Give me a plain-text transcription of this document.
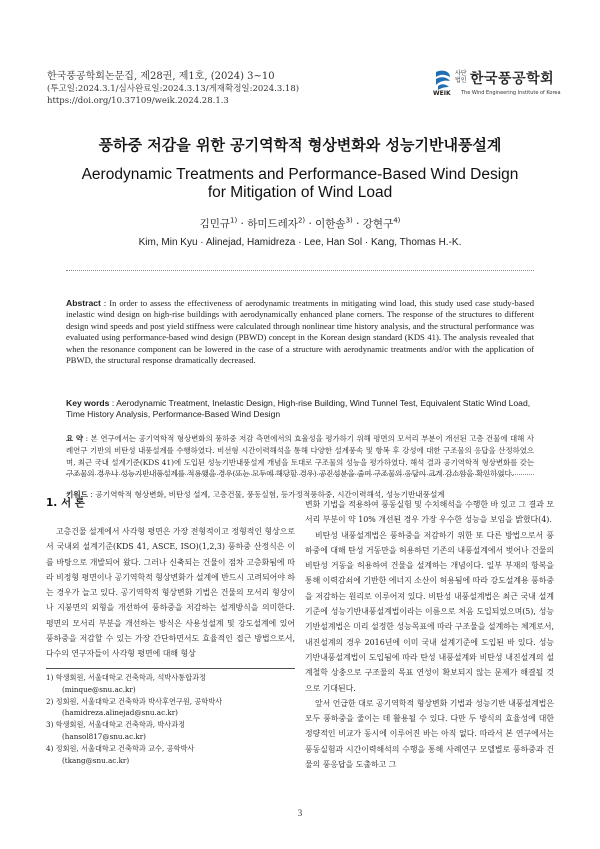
한국풍공학회논문집, 제28권, 제1호, (2024) 3~10
(투고일:2024.3.1/심사완료일:2024.3.13/게재확정일:2024.3.18)
https://doi.org/10.37109/weik.2024.28.1.3
사단
법인 한국풍공학회
WEIK The Wind Engineering Institute of Korea
풍하중 저감을 위한 공기역학적 형상변화와 성능기반내풍설계
Aerodynamic Treatments and Performance-Based Wind Design
for Mitigation of Wind Load
김민규$^{1)}$ · 하미드레자$^{2)}$ · 이한솔$^{3)}$ · 강현구$^{4)}$
Kim, Min Kyu · Alinejad, Hamidreza · Lee, Han Sol · Kang, Thomas H.-K.
Abstract : In order to assess the effectiveness of aerodynamic treatments in mitigating wind load, this study used case study-based inelastic wind design on high-rise buildings with aerodynamically enhanced plane corners. The response of the structures to different design wind speeds and post yield stiffness were calculated through nonlinear time history analysis, and the structural performance was evaluated using performance-based wind design (PBWD) concept in the Korean design standard (KDS 41). The analysis revealed that when the resonance component can be lowered in the case of a structure with aerodynamic treatments and/or with the application of PBWD, the structural response dramatically decreased.
Key words : Aerodynamic Treatment, Inelastic Design, High-rise Building, Wind Tunnel Test, Equivalent Static Wind Load, Time History Analysis, Performance-Based Wind Design
요 약 : 본 연구에서는 공기역학적 형상변화의 풍하중 저감 측면에서의 효율성을 평가하기 위해 평면의 모서리 부분이 개선된 고층 건물에 대해 사례연구 기반의 비탄성 내풍설계를 수행하였다. 비선형 시간이력해석을 통해 다양한 설계풍속 및 항복 후 강성에 대한 구조물의 응답을 산정하였으며, 최근 국내 설계기준(KDS 41)에 도입된 성능기반내풍설계 개념을 토대로 구조물의 성능을 평가하였다. 해석 결과 공기역학적 형상변화를 갖는 구조물의 경우나 성능기반내풍설계를 적용했을 경우(또는 모두에 해당할 경우) 공진성분을 줄여 구조물의 응답이 크게 감소함을 확인하였다.
키워드 : 공기역학적 형상변화, 비탄성 설계, 고층건물, 풍동실험, 등가정적풍하중, 시간이력해석, 성능기반내풍설계
1. 서 론

고층건물 설계에서 사각형 평면은 가장 전형적이고 정형적인 형상으로서 국내외 설계기준(KDS 41, ASCE, ISO)(1,2,3) 풍하중 산정식은 이를 바탕으로 개발되어 왔다. 그러나 신축되는 건물이 점차 고층화됨에 따라 비정형 평면이나 공기역학적 형상변화가 설계에 반드시 고려되어야 하는 경우가 늘고 있다. 공기역학적 형상변화 기법은 건물의 모서리 형상이나 지붕면의 외형을 개선하여 풍하중을 저감하는 설계방식을 의미한다. 평면의 모서리 부분을 개선하는 방식은 사용성설계 및 강도설계에 있어 풍하중을 저감할 수 있는 가장 간단하면서도 효율적인 접근 방법으로서, 다수의 연구자들이 사각형 평면에 대해 형상

1) 학생회원, 서울대학교 건축학과, 석박사통합과정
(minque@snu.ac.kr)
2) 정회원, 서울대학교 건축학과 박사후연구원, 공학박사
(hamidreza.alinejad@snu.ac.kr)
3) 학생회원, 서울대학교 건축학과, 박사과정
(hansol817@snu.ac.kr)
4) 정회원, 서울대학교 건축학과 교수, 공학박사
(tkang@snu.ac.kr)

변화 기법을 적용하여 풍동실험 및 수치해석을 수행한 바 있고 그 결과 모서리 부분이 약 10% 개선된 경우 가장 우수한 성능을 보임을 밝혔다(4).

비탄성 내풍설계법은 풍하중을 저감하기 위한 또 다른 방법으로서 풍하중에 대해 탄성 거동만을 허용하던 기존의 내풍설계에서 벗어나 건물의 비탄성 거동을 허용하여 건물을 설계하는 개념이다. 일부 부재의 항복을 통해 이력감쇠에 기반한 에너지 소산이 허용됨에 따라 강도설계용 풍하중을 저감하는 원리로 이루어져 있다. 비탄성 내풍설계법은 최근 국내 설계기준에 성능기반내풍설계법이라는 이름으로 처음 도입되었으며(5), 성능기반설계법은 미리 설정한 성능목표에 따라 구조물을 설계하는 체계로서, 내진설계의 경우 2016년에 이미 국내 설계기준에 도입된 바 있다. 성능기반내풍설계법이 도입됨에 따라 탄성 내풍설계와 비탄성 내진설계의 설계철학 상충으로 구조물의 목표 연성이 확보되지 않는 문제가 해결될 것으로 기대된다.

앞서 언급한 대로 공기역학적 형상변화 기법과 성능기반 내풍설계법은 모두 풍하중을 줄이는 데 활용될 수 있다. 다만 두 방식의 효율성에 대한 정량적인 비교가 동시에 이루어진 바는 아직 없다. 따라서 본 연구에서는 풍동실험과 시간이력해석의 수행을 통해 사례연구 모델별로 풍하중과 건물의 풍응답을 도출하고 그

3
